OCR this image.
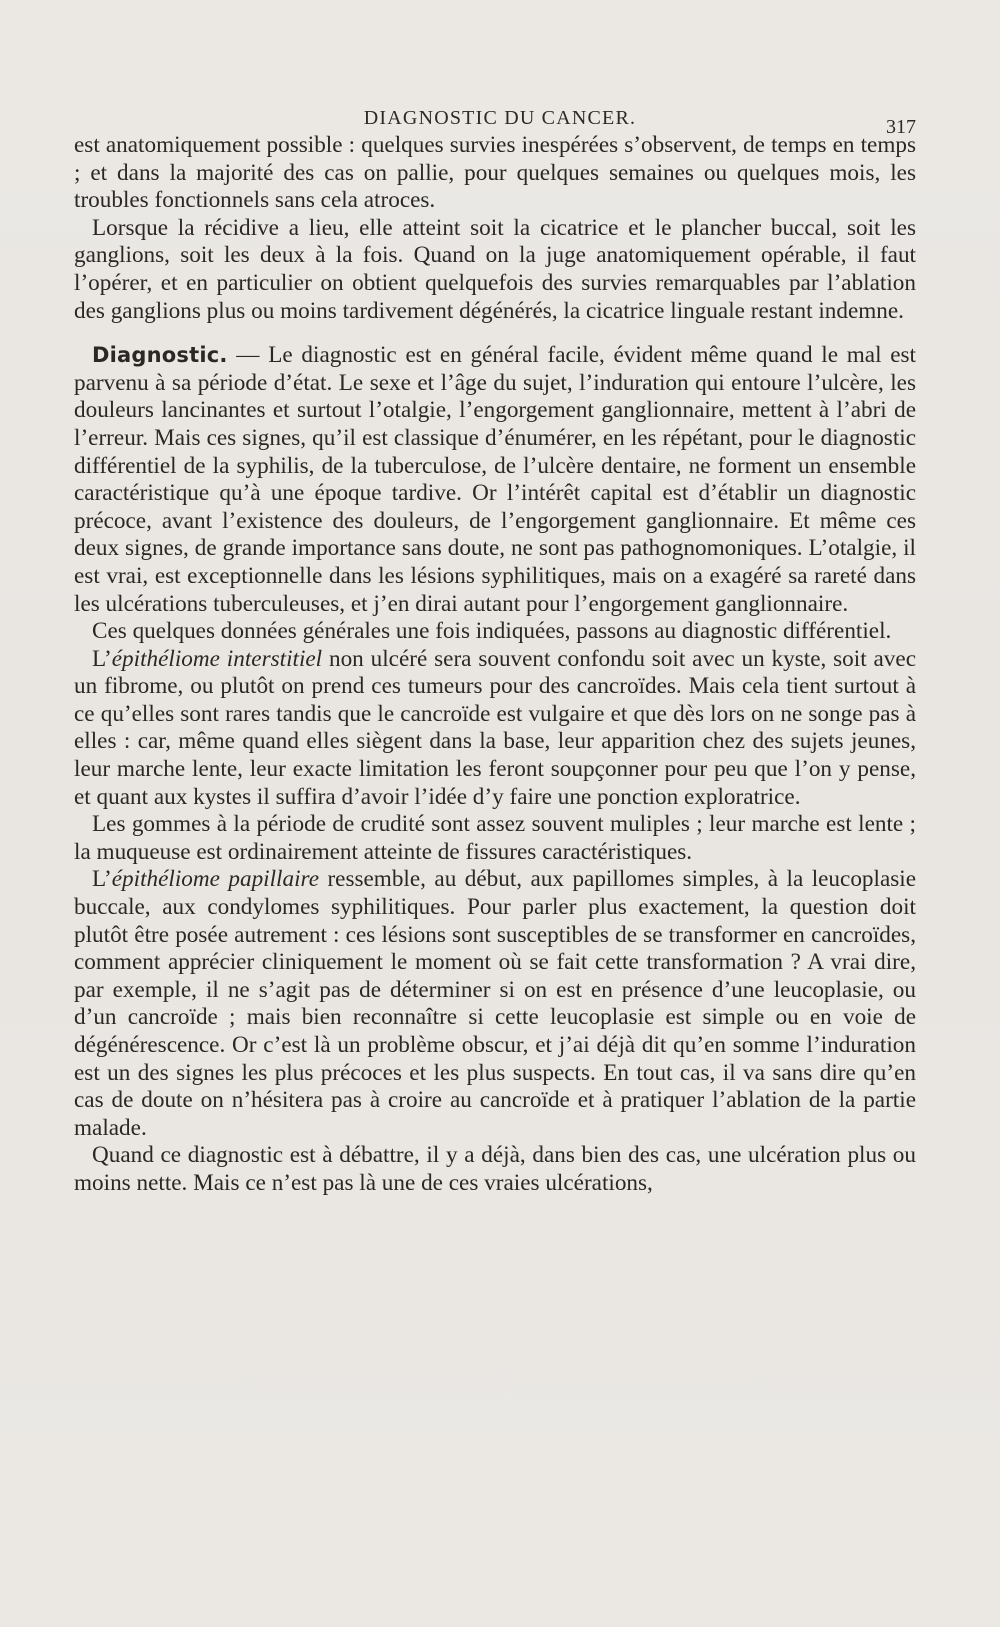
DIAGNOSTIC DU CANCER.	317

est anatomiquement possible : quelques survies inespérées s’observent, de temps en temps ; et dans la majorité des cas on pallie, pour quelques semaines ou quelques mois, les troubles fonctionnels sans cela atroces.

Lorsque la récidive a lieu, elle atteint soit la cicatrice et le plancher buccal, soit les ganglions, soit les deux à la fois. Quand on la juge anatomiquement opérable, il faut l’opérer, et en particulier on obtient quelquefois des survies remarquables par l’ablation des ganglions plus ou moins tardivement dégénérés, la cicatrice linguale restant indemne.

Diagnostic. — Le diagnostic est en général facile, évident même quand le mal est parvenu à sa période d’état. Le sexe et l’âge du sujet, l’induration qui entoure l’ulcère, les douleurs lancinantes et surtout l’otalgie, l’engorgement ganglionnaire, mettent à l’abri de l’erreur. Mais ces signes, qu’il est classique d’énumérer, en les répétant, pour le diagnostic différentiel de la syphilis, de la tuberculose, de l’ulcère dentaire, ne forment un ensemble caractéristique qu’à une époque tardive. Or l’intérêt capital est d’établir un diagnostic précoce, avant l’existence des douleurs, de l’engorgement ganglionnaire. Et même ces deux signes, de grande importance sans doute, ne sont pas pathognomoniques. L’otalgie, il est vrai, est exceptionnelle dans les lésions syphilitiques, mais on a exagéré sa rareté dans les ulcérations tuberculeuses, et j’en dirai autant pour l’engorgement ganglionnaire.

Ces quelques données générales une fois indiquées, passons au diagnostic différentiel.

L’épithéliome interstitiel non ulcéré sera souvent confondu soit avec un kyste, soit avec un fibrome, ou plutôt on prend ces tumeurs pour des cancroïdes. Mais cela tient surtout à ce qu’elles sont rares tandis que le cancroïde est vulgaire et que dès lors on ne songe pas à elles : car, même quand elles siègent dans la base, leur apparition chez des sujets jeunes, leur marche lente, leur exacte limitation les feront soupçonner pour peu que l’on y pense, et quant aux kystes il suffira d’avoir l’idée d’y faire une ponction exploratrice.

Les gommes à la période de crudité sont assez souvent muliples ; leur marche est lente ; la muqueuse est ordinairement atteinte de fissures caractéristiques.

L’épithéliome papillaire ressemble, au début, aux papillomes simples, à la leucoplasie buccale, aux condylomes syphilitiques. Pour parler plus exactement, la question doit plutôt être posée autrement : ces lésions sont susceptibles de se transformer en cancroïdes, comment apprécier cliniquement le moment où se fait cette transformation ? A vrai dire, par exemple, il ne s’agit pas de déterminer si on est en présence d’une leucoplasie, ou d’un cancroïde ; mais bien reconnaître si cette leucoplasie est simple ou en voie de dégénérescence. Or c’est là un problème obscur, et j’ai déjà dit qu’en somme l’induration est un des signes les plus précoces et les plus suspects. En tout cas, il va sans dire qu’en cas de doute on n’hésitera pas à croire au cancroïde et à pratiquer l’ablation de la partie malade.

Quand ce diagnostic est à débattre, il y a déjà, dans bien des cas, une ulcération plus ou moins nette. Mais ce n’est pas là une de ces vraies ulcérations,
